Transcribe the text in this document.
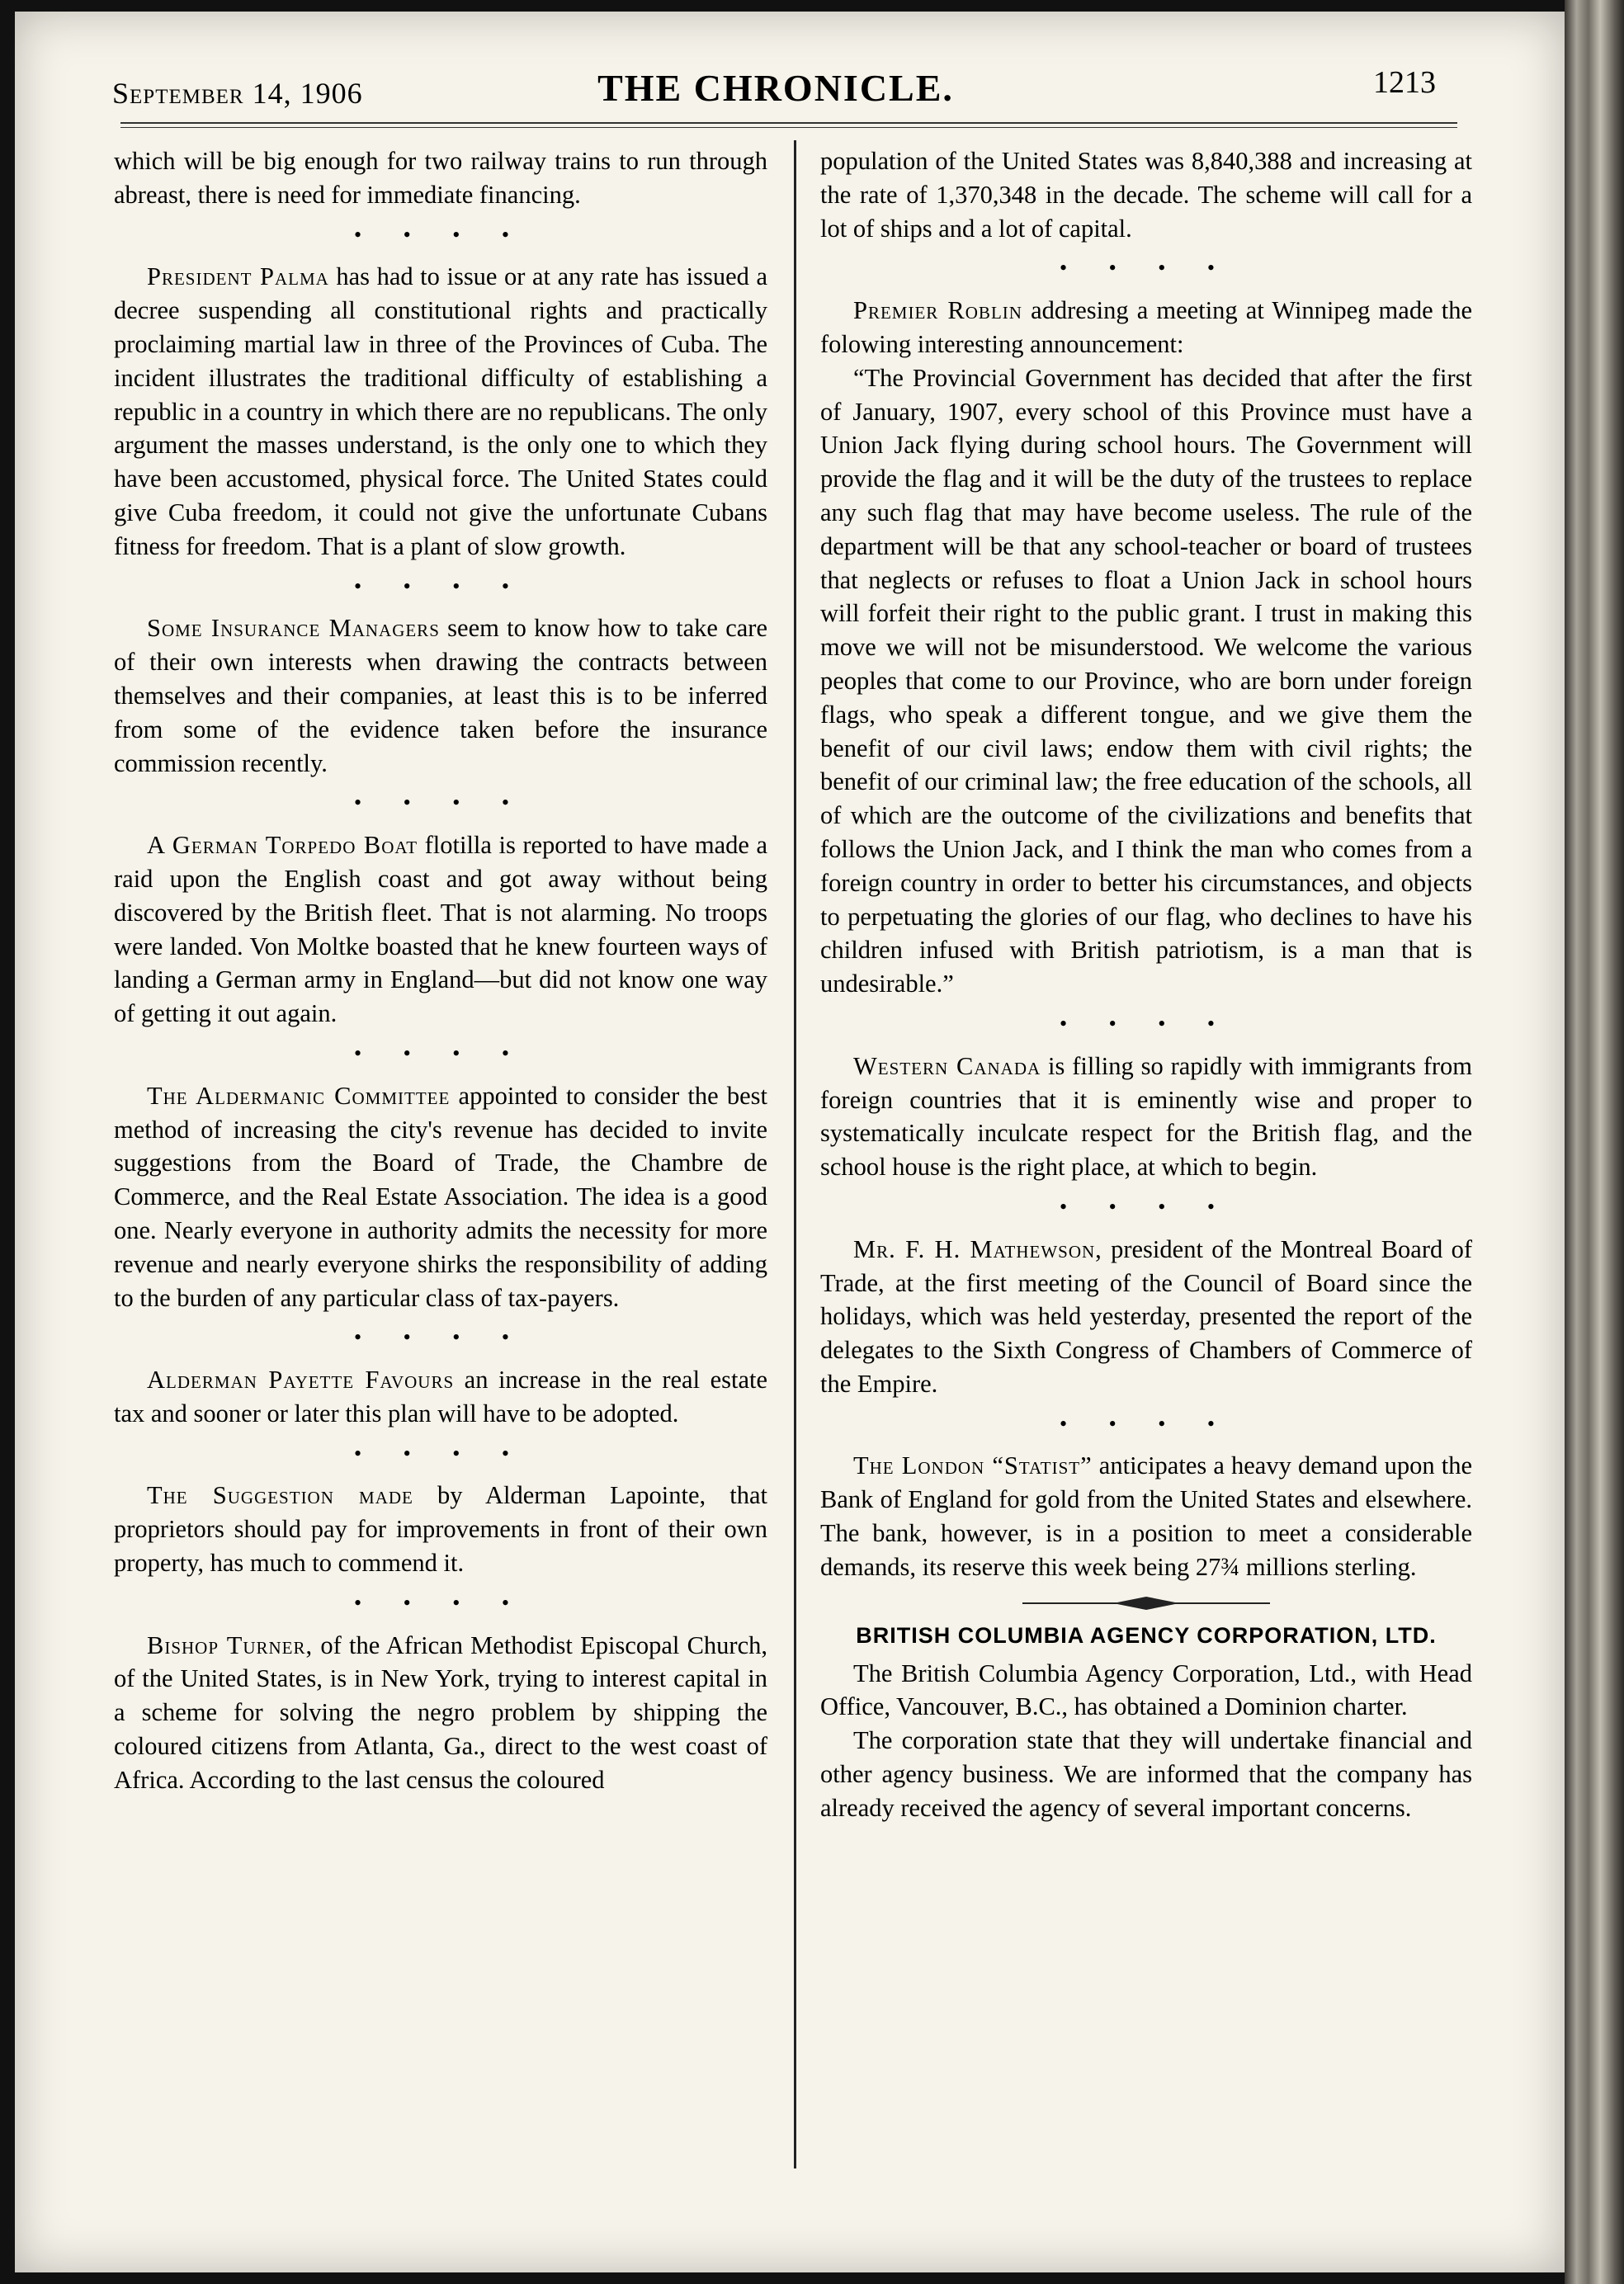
September 14, 1906	THE CHRONICLE.	1213

which will be big enough for two railway trains to run through abreast, there is need for immediate financing.

• • • •

President Palma has had to issue or at any rate has issued a decree suspending all constitutional rights and practically proclaiming martial law in three of the Provinces of Cuba. The incident illustrates the traditional difficulty of establishing a republic in a country in which there are no republicans. The only argument the masses understand, is the only one to which they have been accustomed, physical force. The United States could give Cuba freedom, it could not give the unfortunate Cubans fitness for freedom. That is a plant of slow growth.

• • • •

Some Insurance Managers seem to know how to take care of their own interests when drawing the contracts between themselves and their companies, at least this is to be inferred from some of the evidence taken before the insurance commission recently.

• • • •

A German Torpedo Boat flotilla is reported to have made a raid upon the English coast and got away without being discovered by the British fleet. That is not alarming. No troops were landed. Von Moltke boasted that he knew fourteen ways of landing a German army in England—but did not know one way of getting it out again.

• • • •

The Aldermanic Committee appointed to consider the best method of increasing the city's revenue has decided to invite suggestions from the Board of Trade, the Chambre de Commerce, and the Real Estate Association. The idea is a good one. Nearly everyone in authority admits the necessity for more revenue and nearly everyone shirks the responsibility of adding to the burden of any particular class of tax-payers.

• • • •

Alderman Payette Favours an increase in the real estate tax and sooner or later this plan will have to be adopted.

• • • •

The Suggestion made by Alderman Lapointe, that proprietors should pay for improvements in front of their own property, has much to commend it.

• • • •

Bishop Turner, of the African Methodist Episcopal Church, of the United States, is in New York, trying to interest capital in a scheme for solving the negro problem by shipping the coloured citizens from Atlanta, Ga., direct to the west coast of Africa. According to the last census the coloured

population of the United States was 8,840,388 and increasing at the rate of 1,370,348 in the decade. The scheme will call for a lot of ships and a lot of capital.

• • • •

Premier Roblin addresing a meeting at Winnipeg made the folowing interesting announcement:

“The Provincial Government has decided that after the first of January, 1907, every school of this Province must have a Union Jack flying during school hours. The Government will provide the flag and it will be the duty of the trustees to replace any such flag that may have become useless. The rule of the department will be that any school-teacher or board of trustees that neglects or refuses to float a Union Jack in school hours will forfeit their right to the public grant. I trust in making this move we will not be misunderstood. We welcome the various peoples that come to our Province, who are born under foreign flags, who speak a different tongue, and we give them the benefit of our civil laws; endow them with civil rights; the benefit of our criminal law; the free education of the schools, all of which are the outcome of the civilizations and benefits that follows the Union Jack, and I think the man who comes from a foreign country in order to better his circumstances, and objects to perpetuating the glories of our flag, who declines to have his children infused with British patriotism, is a man that is undesirable.”

• • • •

Western Canada is filling so rapidly with immigrants from foreign countries that it is eminently wise and proper to systematically inculcate respect for the British flag, and the school house is the right place, at which to begin.

• • • •

Mr. F. H. Mathewson, president of the Montreal Board of Trade, at the first meeting of the Council of Board since the holidays, which was held yesterday, presented the report of the delegates to the Sixth Congress of Chambers of Commerce of the Empire.

• • • •

The London “Statist” anticipates a heavy demand upon the Bank of England for gold from the United States and elsewhere. The bank, however, is in a position to meet a considerable demands, its reserve this week being 27¾ millions sterling.

BRITISH COLUMBIA AGENCY CORPORATION, LTD.

The British Columbia Agency Corporation, Ltd., with Head Office, Vancouver, B.C., has obtained a Dominion charter.

The corporation state that they will undertake financial and other agency business. We are informed that the company has already received the agency of several important concerns.
